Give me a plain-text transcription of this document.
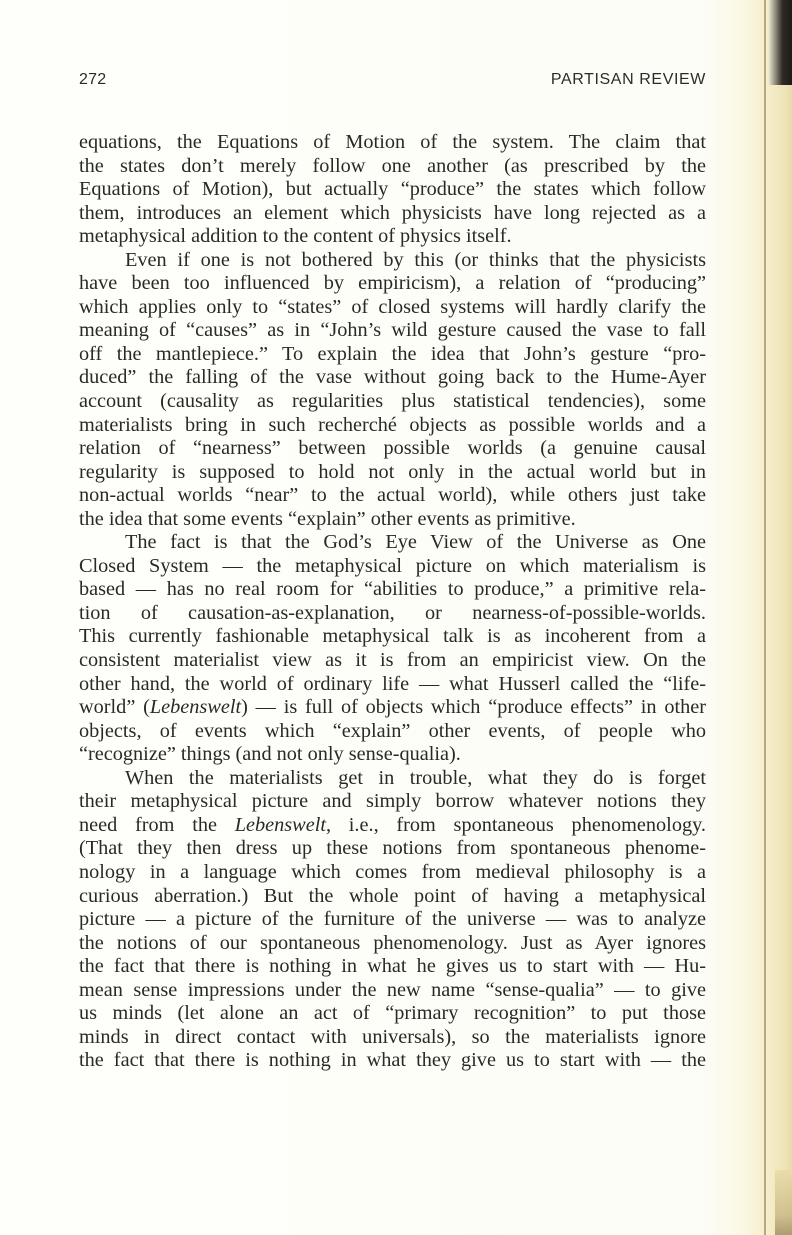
272	PARTISAN REVIEW
equations, the Equations of Motion of the system. The claim that
the states don’t merely follow one another (as prescribed by the
Equations of Motion), but actually “produce” the states which follow
them, introduces an element which physicists have long rejected as a
metaphysical addition to the content of physics itself.
Even if one is not bothered by this (or thinks that the physicists
have been too influenced by empiricism), a relation of “producing”
which applies only to “states” of closed systems will hardly clarify the
meaning of “causes” as in “John’s wild gesture caused the vase to fall
off the mantlepiece.” To explain the idea that John’s gesture “pro-
duced” the falling of the vase without going back to the Hume-Ayer
account (causality as regularities plus statistical tendencies), some
materialists bring in such recherché objects as possible worlds and a
relation of “nearness” between possible worlds (a genuine causal
regularity is supposed to hold not only in the actual world but in
non-actual worlds “near” to the actual world), while others just take
the idea that some events “explain” other events as primitive.
The fact is that the God’s Eye View of the Universe as One
Closed System — the metaphysical picture on which materialism is
based — has no real room for “abilities to produce,” a primitive rela-
tion of causation-as-explanation, or nearness-of-possible-worlds.
This currently fashionable metaphysical talk is as incoherent from a
consistent materialist view as it is from an empiricist view. On the
other hand, the world of ordinary life — what Husserl called the “life-
world” (Lebenswelt) — is full of objects which “produce effects” in other
objects, of events which “explain” other events, of people who
“recognize” things (and not only sense-qualia).
When the materialists get in trouble, what they do is forget
their metaphysical picture and simply borrow whatever notions they
need from the Lebenswelt, i.e., from spontaneous phenomenology.
(That they then dress up these notions from spontaneous phenome-
nology in a language which comes from medieval philosophy is a
curious aberration.) But the whole point of having a metaphysical
picture — a picture of the furniture of the universe — was to analyze
the notions of our spontaneous phenomenology. Just as Ayer ignores
the fact that there is nothing in what he gives us to start with — Hu-
mean sense impressions under the new name “sense-qualia” — to give
us minds (let alone an act of “primary recognition” to put those
minds in direct contact with universals), so the materialists ignore
the fact that there is nothing in what they give us to start with — the
